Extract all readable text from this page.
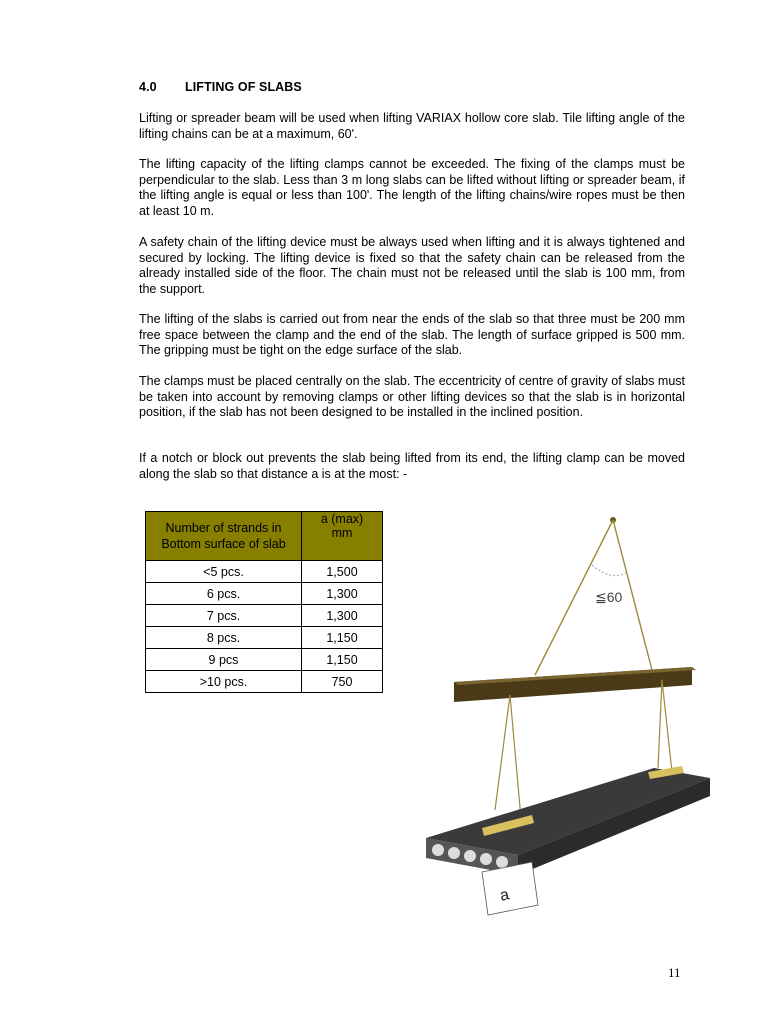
4.0 LIFTING OF SLABS

Lifting or spreader beam will be used when lifting VARIAX hollow core slab. Tile lifting angle of the lifting chains can be at a maximum, 60'.

The lifting capacity of the lifting clamps cannot be exceeded. The fixing of the clamps must be perpendicular to the slab. Less than 3 m long slabs can be lifted without lifting or spreader beam, if the lifting angle is equal or less than 100'. The length of the lifting chains/wire ropes must be then at least 10 m.

A safety chain of the lifting device must be always used when lifting and it is always tightened and secured by locking. The lifting device is fixed so that the safety chain can be released from the already installed side of the floor. The chain must not be released until the slab is 100 mm, from the support.

The lifting of the slabs is carried out from near the ends of the slab so that three must be 200 mm free space between the clamp and the end of the slab. The length of surface gripped is 500 mm. The gripping must be tight on the edge surface of the slab.

The clamps must be placed centrally on the slab. The eccentricity of centre of gravity of slabs must be taken into account by removing clamps or other lifting devices so that the slab is in horizontal position, if the slab has not been designed to be installed in the inclined position.

If a notch or block out prevents the slab being lifted from its end, the lifting clamp can be moved along the slab so that distance a is at the most: -

Number of strands in
Bottom surface of slab	a (max)
mm
<5 pcs.	1,500
6 pcs.	1,300
7 pcs.	1,300
8 pcs.	1,150
9 pcs	1,150
>10 pcs.	750
≦60
a
11
